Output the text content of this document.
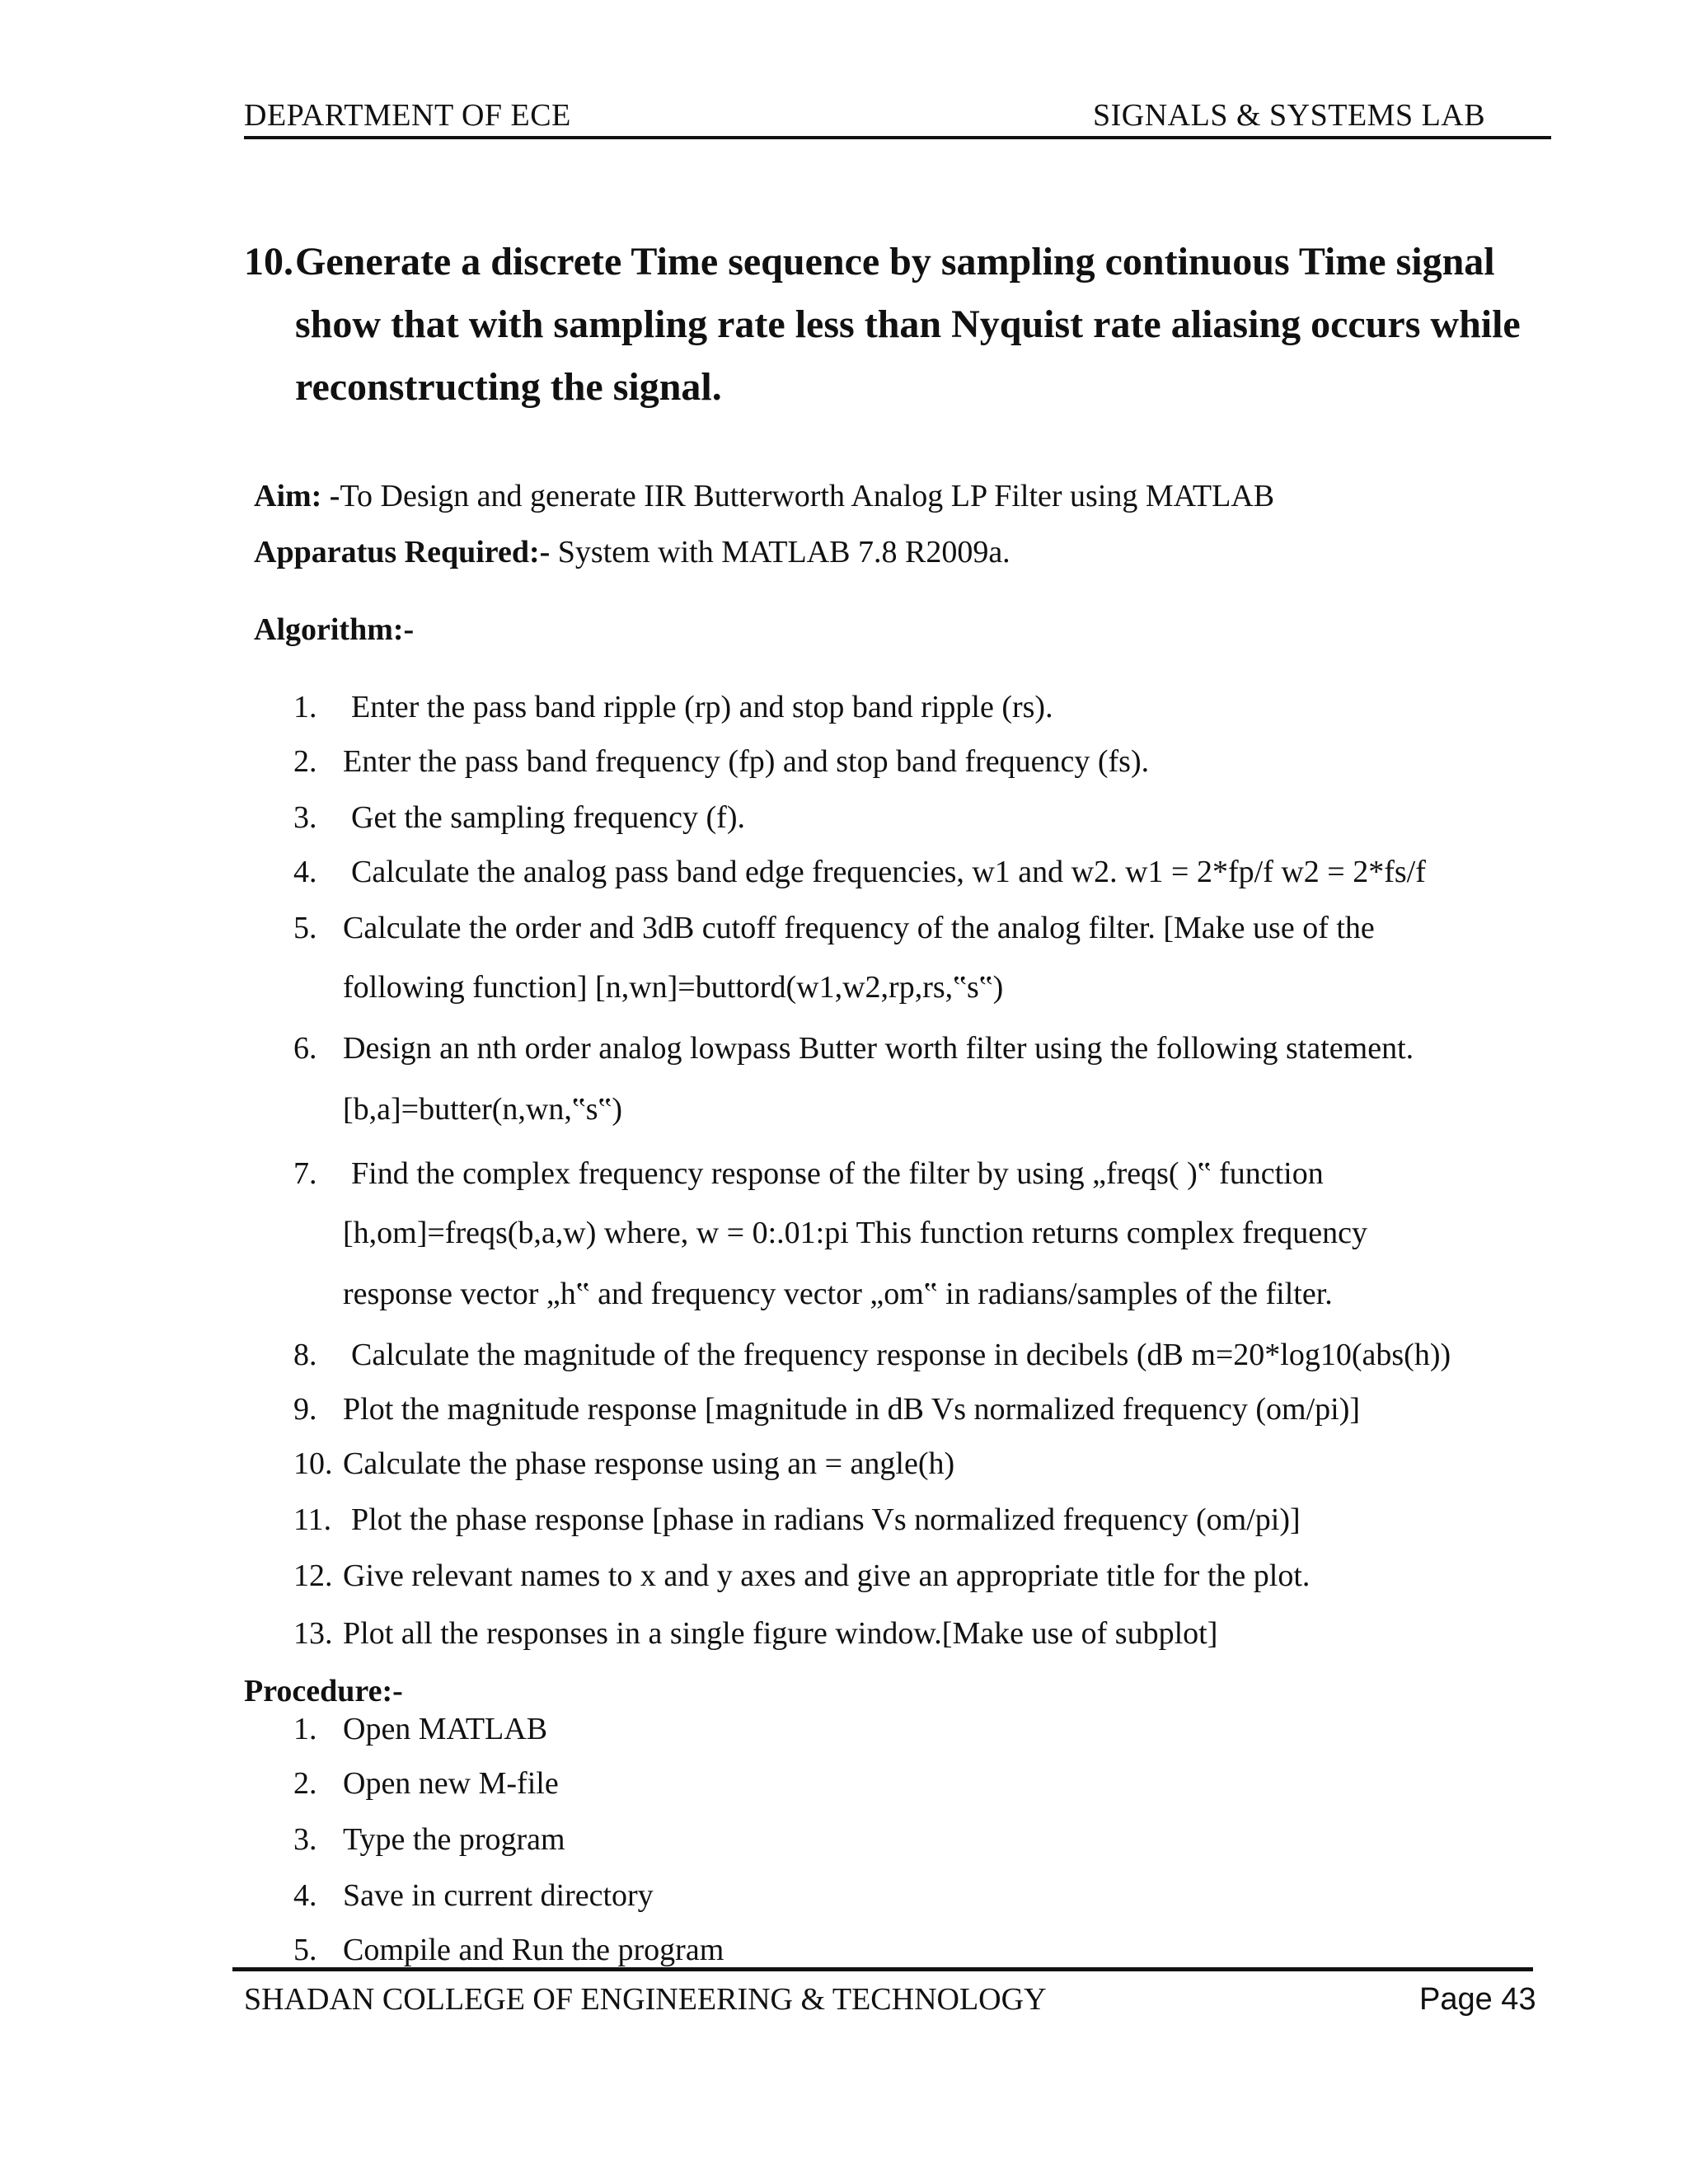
DEPARTMENT OF ECE	SIGNALS & SYSTEMS LAB
10. Generate a discrete Time sequence by sampling continuous Time signal show that with sampling rate less than Nyquist rate aliasing occurs while reconstructing the signal.
Aim: -To Design and generate IIR Butterworth Analog LP Filter using MATLAB
Apparatus Required:- System with MATLAB 7.8 R2009a.
Algorithm:-
1. Enter the pass band ripple (rp) and stop band ripple (rs).
2. Enter the pass band frequency (fp) and stop band frequency (fs).
3. Get the sampling frequency (f).
4. Calculate the analog pass band edge frequencies, w1 and w2. w1 = 2*fp/f w2 = 2*fs/f
5. Calculate the order and 3dB cutoff frequency of the analog filter. [Make use of the
following function] [n,wn]=buttord(w1,w2,rp,rs,‟s‟)
6. Design an nth order analog lowpass Butter worth filter using the following statement.
[b,a]=butter(n,wn,‟s‟)
7. Find the complex frequency response of the filter by using „freqs( )‟ function
[h,om]=freqs(b,a,w) where, w = 0:.01:pi This function returns complex frequency
response vector „h‟ and frequency vector „om‟ in radians/samples of the filter.
8. Calculate the magnitude of the frequency response in decibels (dB m=20*log10(abs(h))
9. Plot the magnitude response [magnitude in dB Vs normalized frequency (om/pi)]
10. Calculate the phase response using an = angle(h)
11. Plot the phase response [phase in radians Vs normalized frequency (om/pi)]
12. Give relevant names to x and y axes and give an appropriate title for the plot.
13. Plot all the responses in a single figure window.[Make use of subplot]
Procedure:-
1. Open MATLAB
2. Open new M-file
3. Type the program
4. Save in current directory
5. Compile and Run the program
SHADAN COLLEGE OF ENGINEERING & TECHNOLOGY	Page 43
